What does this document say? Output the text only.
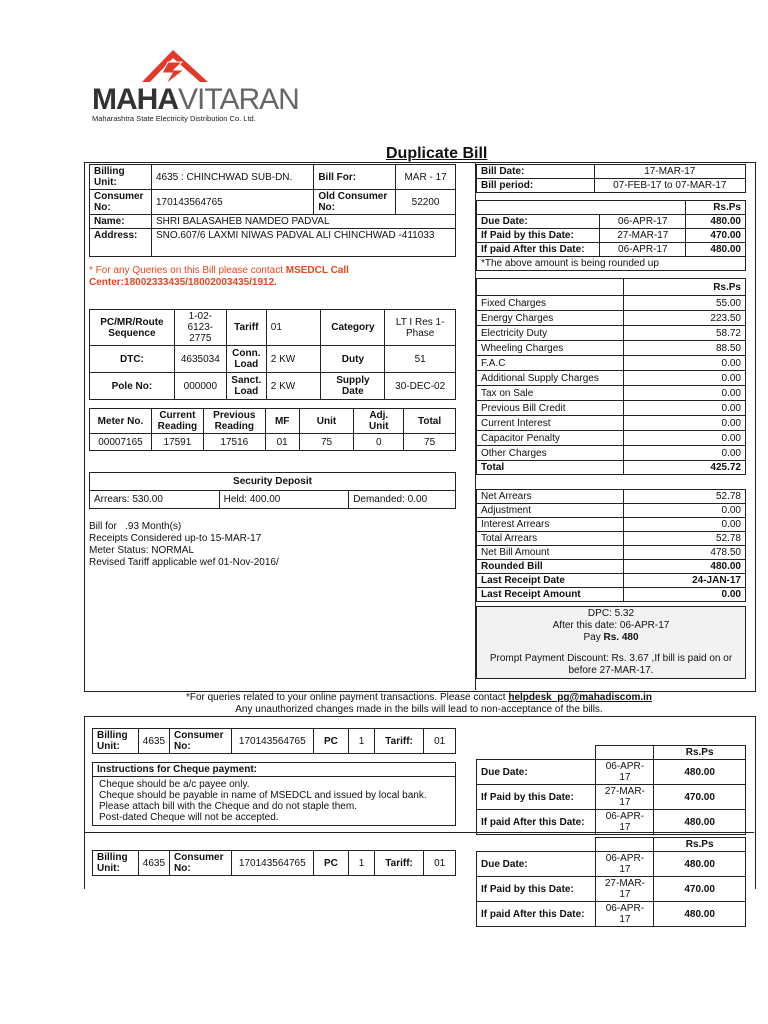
MAHAVITARAN
Maharashtra State Electricity Distribution Co. Ltd.
Duplicate Bill
Billing Unit:	4635 : CHINCHWAD SUB-DN.	Bill For:	MAR - 17
Consumer No:	170143564765	Old Consumer No:	52200
Name:	SHRI BALASAHEB NAMDEO PADVAL		
Address:	SNO.607/6 LAXMI NIWAS PADVAL ALI CHINCHWAD -411033		
* For any Queries on this Bill please contact MSEDCL Call Center:18002333435/18002003435/1912.
PC/MR/Route Sequence	1-02-6123-2775	Tariff	01	Category	LT I Res 1-Phase
DTC:	4635034	Conn. Load	2 KW	Duty	51
Pole No:	000000	Sanct. Load	2 KW	Supply Date	30-DEC-02
Meter No.	Current Reading	Previous Reading	MF	Unit	Adj. Unit	Total
00007165	17591	17516	01	75	0	75
Security Deposit
Arrears: 530.00	Held: 400.00	Demanded: 0.00
Bill for   .93 Month(s)
Receipts Considered up-to 15-MAR-17
Meter Status: NORMAL
Revised Tariff applicable wef 01-Nov-2016/
Bill Date:	17-MAR-17
Bill period:	07-FEB-17 to 07-MAR-17
		Rs.Ps
Due Date:	06-APR-17	480.00
If Paid by this Date:	27-MAR-17	470.00
If paid After this Date:	06-APR-17	480.00
*The above amount is being rounded up		
	Rs.Ps
Fixed Charges	55.00
Energy Charges	223.50
Electricity Duty	58.72
Wheeling Charges	88.50
F.A.C	0.00
Additional Supply Charges	0.00
Tax on Sale	0.00
Previous Bill Credit	0.00
Current Interest	0.00
Capacitor Penalty	0.00
Other Charges	0.00
Total	425.72
Net Arrears	52.78
Adjustment	0.00
Interest Arrears	0.00
Total Arrears	52.78
Net Bill Amount	478.50
Rounded Bill	480.00
Last Receipt Date	24-JAN-17
Last Receipt Amount	0.00
DPC: 5.32
After this date: 06-APR-17
Pay Rs. 480
Prompt Payment Discount: Rs. 3.67 ,If bill is paid on or before 27-MAR-17.
*For queries related to your online payment transactions. Please contact helpdesk_pg@mahadiscom.in
Any unauthorized changes made in the bills will lead to non-acceptance of the bills.
Billing Unit:	4635	Consumer No:	170143564765	PC	1	Tariff:	01
Instructions for Cheque payment:

Cheque should be a/c payee only.
Cheque should be payable in name of MSEDCL and issued by local bank.
Please attach bill with the Cheque and do not staple them.
Post-dated Cheque will not be accepted.
		Rs.Ps
Due Date:	06-APR-17	480.00
If Paid by this Date:	27-MAR-17	470.00
If paid After this Date:	06-APR-17	480.00
Billing Unit:	4635	Consumer No:	170143564765	PC	1	Tariff:	01
		Rs.Ps
Due Date:	06-APR-17	480.00
If Paid by this Date:	27-MAR-17	470.00
If paid After this Date:	06-APR-17	480.00
